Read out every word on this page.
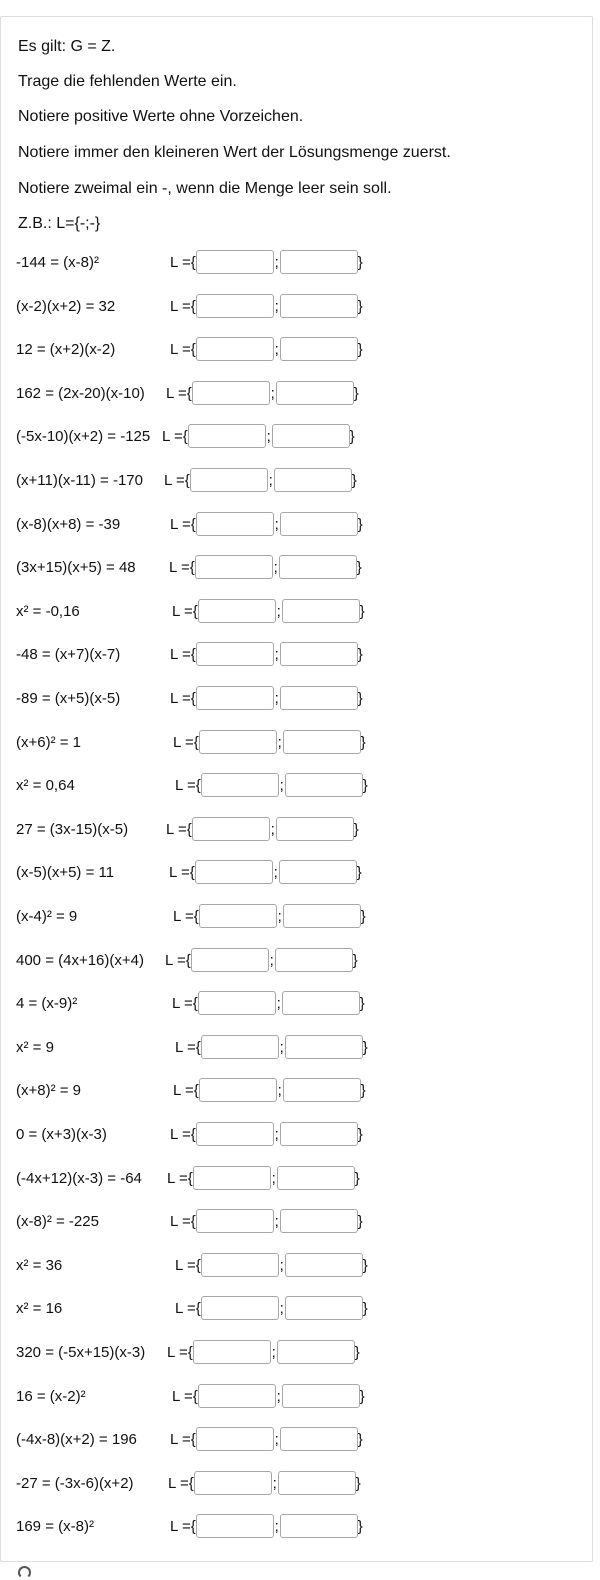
Es gilt: G = Z.

Trage die fehlenden Werte ein.

Notiere positive Werte ohne Vorzeichen.

Notiere immer den kleineren Wert der Lösungsmenge zuerst.

Notiere zweimal ein -, wenn die Menge leer sein soll.

Z.B.: L={-;-}

-144 = (x-8)²	L ={	;	}
(x-2)(x+2) = 32	L ={	;	}
12 = (x+2)(x-2)	L ={	;	}
162 = (2x-20)(x-10) L ={	;	}
(-5x-10)(x+2) = -125 L ={	;	}
(x+11)(x-11) = -170 L ={	;	}
(x-8)(x+8) = -39	L ={	;	}
(3x+15)(x+5) = 48 L ={	;	}
x² = -0,16	L ={	;	}
-48 = (x+7)(x-7)	L ={	;	}
-89 = (x+5)(x-5)	L ={	;	}
(x+6)² = 1	L ={	;	}
x² = 0,64	L ={	;	}
27 = (3x-15)(x-5)	L ={	;	}
(x-5)(x+5) = 11	L ={	;	}
(x-4)² = 9	L ={	;	}
400 = (4x+16)(x+4) L ={	;	}
4 = (x-9)²	L ={	;	}
x² = 9	L ={	;	}
(x+8)² = 9	L ={	;	}
0 = (x+3)(x-3)	L ={	;	}
(-4x+12)(x-3) = -64 L ={	;	}
(x-8)² = -225	L ={	;	}
x² = 36	L ={	;	}
x² = 16	L ={	;	}
320 = (-5x+15)(x-3) L ={	;	}
16 = (x-2)²	L ={	;	}
(-4x-8)(x+2) = 196 L ={	;	}
-27 = (-3x-6)(x+2) L ={	;	}
169 = (x-8)²	L ={	;	}
